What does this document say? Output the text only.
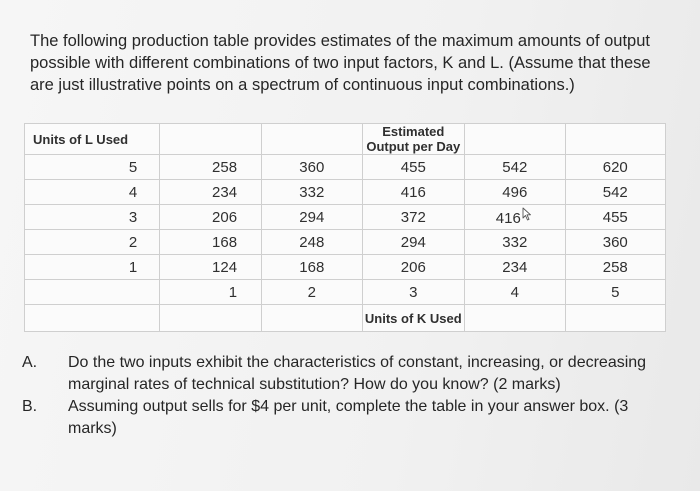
The following production table provides estimates of the maximum amounts of output possible with different combinations of two input factors, K and L. (Assume that these are just illustrative points on a spectrum of continuous input combinations.)
Units of L Used			Estimated Output per Day		
5	258	360	455	542	620
4	234	332	416	496	542
3	206	294	372	416	455
2	168	248	294	332	360
1	124	168	206	234	258
	1	2	3	4	5
			Units of K Used		
A.	Do the two inputs exhibit the characteristics of constant, increasing, or decreasing marginal rates of technical substitution? How do you know? (2 marks)
B.	Assuming output sells for $4 per unit, complete the table in your answer box. (3 marks)
